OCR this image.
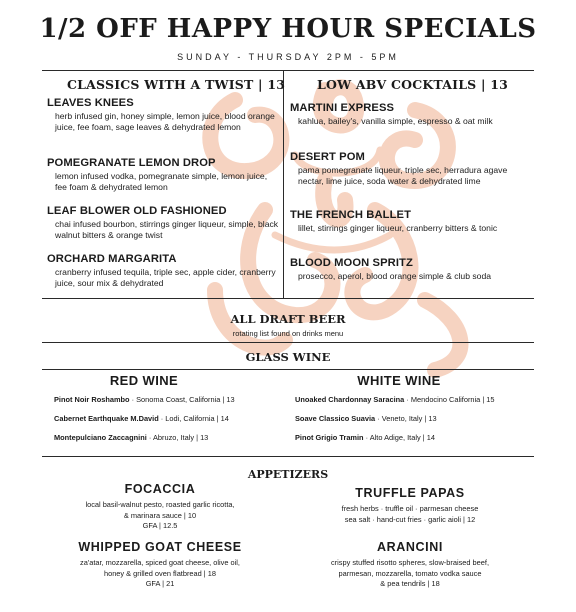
1/2 OFF HAPPY HOUR SPECIALS
SUNDAY - THURSDAY 2PM - 5PM
CLASSICS WITH A TWIST | 13
LEAVES KNEES
herb infused gin, honey simple, lemon juice, blood orange juice, fee foam, sage leaves & dehydrated lemon
POMEGRANATE LEMON DROP
lemon infused vodka, pomegranate simple, lemon juice, fee foam & dehydrated lemon
LEAF BLOWER OLD FASHIONED
chai infused bourbon, stirrings ginger liqueur, simple, black walnut bitters & orange twist
ORCHARD MARGARITA
cranberry infused tequila, triple sec, apple cider, cranberry juice, sour mix & dehydrated
LOW ABV COCKTAILS | 13
MARTINI EXPRESS
kahlua, bailey's, vanilla simple, espresso & oat milk
DESERT POM
pama pomegranate liqueur, triple sec, herradura agave nectar, lime juice, soda water & dehydrated lime
THE FRENCH BALLET
lillet, stirrings ginger liqueur, cranberry bitters & tonic
BLOOD MOON SPRITZ
prosecco, aperol, blood orange simple & club soda
ALL DRAFT BEER
rotating list found on drinks menu
GLASS WINE
RED WINE
Pinot Noir Roshambo · Sonoma Coast, California | 13
Cabernet Earthquake M.David · Lodi, California | 14
Montepulciano Zaccagnini · Abruzo, Italy | 13
WHITE WINE
Unoaked Chardonnay Saracina · Mendocino California | 15
Soave Classico Suavia · Veneto, Italy | 13
Pinot Grigio Tramin · Alto Adige, Italy | 14
APPETIZERS
FOCACCIA
local basil-walnut pesto, roasted garlic ricotta,
& marinara sauce | 10
GFA | 12.5
TRUFFLE PAPAS
fresh herbs · truffle oil · parmesan cheese
sea salt · hand-cut fries · garlic aioli | 12
WHIPPED GOAT CHEESE
za'atar, mozzarella, spiced goat cheese, olive oil,
honey & grilled oven flatbread | 18
GFA | 21
ARANCINI
crispy stuffed risotto spheres, slow-braised beef,
parmesan, mozzarella, tomato vodka sauce
& pea tendrils | 18
